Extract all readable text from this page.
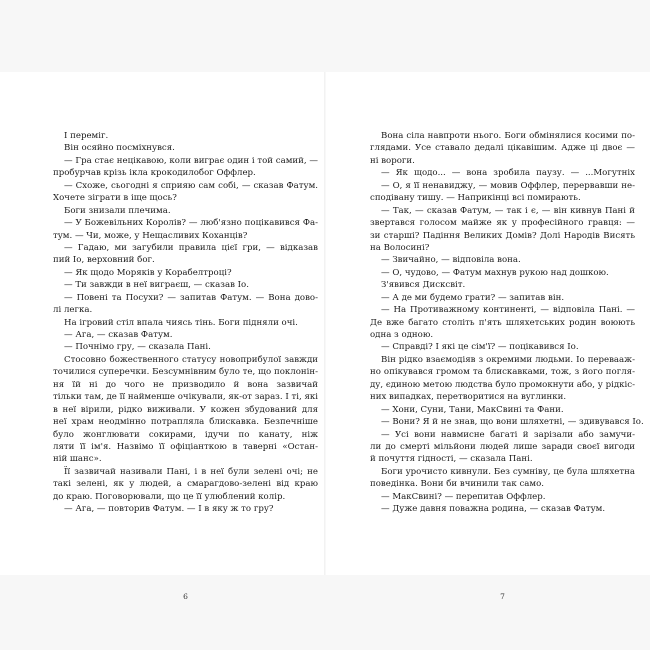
І переміг.
Він осяйно посміхнувся.
— Гра стає нецікавою, коли виграє один і той самий, —
пробурчав крізь ікла крокодилобог Оффлер.
— Схоже, сьогодні я сприяю сам собі, — сказав Фатум.
Хочете зіграти в іще щось?
Боги знизали плечима.
— У Божевільних Королів? — люб'язно поцікавився Фа-
тум. — Чи, може, у Нещасливих Коханців?
— Гадаю, ми загубили правила цієї гри, — відказав
пий Іо, верховний бог.
— Як щодо Моряків у Корабелтроці?
— Ти завжди в неї виграєш, — сказав Іо.
— Повені та Посухи? — запитав Фатум. — Вона дово-
лі легка.
На ігровий стіл впала чиясь тінь. Боги підняли очі.
— Ага, — сказав Фатум.
— Почнімо гру, — сказала Пані.
Стосовно божественного статусу новоприбулої завжди
точилися суперечки. Безсумнівним було те, що поклонін-
ня їй ні до чого не призводило й вона зазвичай
тільки там, де її найменше очікували, як-от зараз. І ті, які
в неї вірили, рідко виживали. У кожен збудований для
неї храм неодмінно потрапляла блискавка. Безпечніше
було жонглювати сокирами, ідучи по канату, ніж
ляти її ім'я. Назвімо її офіціанткою в таверні «Остан-
ній шанс».
Її зазвичай називали Пані, і в неї були зелені очі; не
такі зелені, як у людей, а смарагдово-зелені від краю
до краю. Поговорювали, що це її улюблений колір.
— Ага, — повторив Фатум. — І в яку ж то гру?
6
Вона сіла навпроти нього. Боги обмінялися косими по-
глядами. Усе ставало дедалі цікавішим. Адже ці двоє —
ні вороги.
— Як щодо... — вона зробила паузу. — ...Могутніх
— О, я її ненавиджу, — мовив Оффлер, перервавши не-
сподівану тишу. — Наприкінці всі помирають.
— Так, — сказав Фатум, — так і є, — він кивнув Пані й
звертався голосом майже як у професійного гравця: —
зи старші? Падіння Великих Домів? Долі Народів Висять
на Волосині?
— Звичайно, — відповіла вона.
— О, чудово, — Фатум махнув рукою над дошкою.
З'явився Дисксвіт.
— А де ми будемо грати? — запитав він.
— На Противажному континенті, — відповіла Пані. —
Де вже багато століть п'ять шляхетських родин воюють
одна з одною.
— Справді? І які це сім'ї? — поцікавився Іо.
Він рідко взаємодіяв з окремими людьми. Іо перевааж-
но опікувався громом та блискавками, тож, з його погля-
ду, єдиною метою людства було промокнути або, у рідкіс-
них випадках, перетворитися на вуглинки.
— Хони, Суни, Тани, МакСвині та Фани.
— Вони? Я й не знав, що вони шляхетні, — здивувався Іо.
— Усі вони навмисне багаті й зарізали або замучи-
ли до смерті мільйони людей лише заради своєї вигоди
й почуття гідності, — сказала Пані.
Боги урочисто кивнули. Без сумніву, це була шляхетна
поведінка. Вони би вчинили так само.
— МакСвині? — перепитав Оффлер.
— Дуже давня поважна родина, — сказав Фатум.
7
